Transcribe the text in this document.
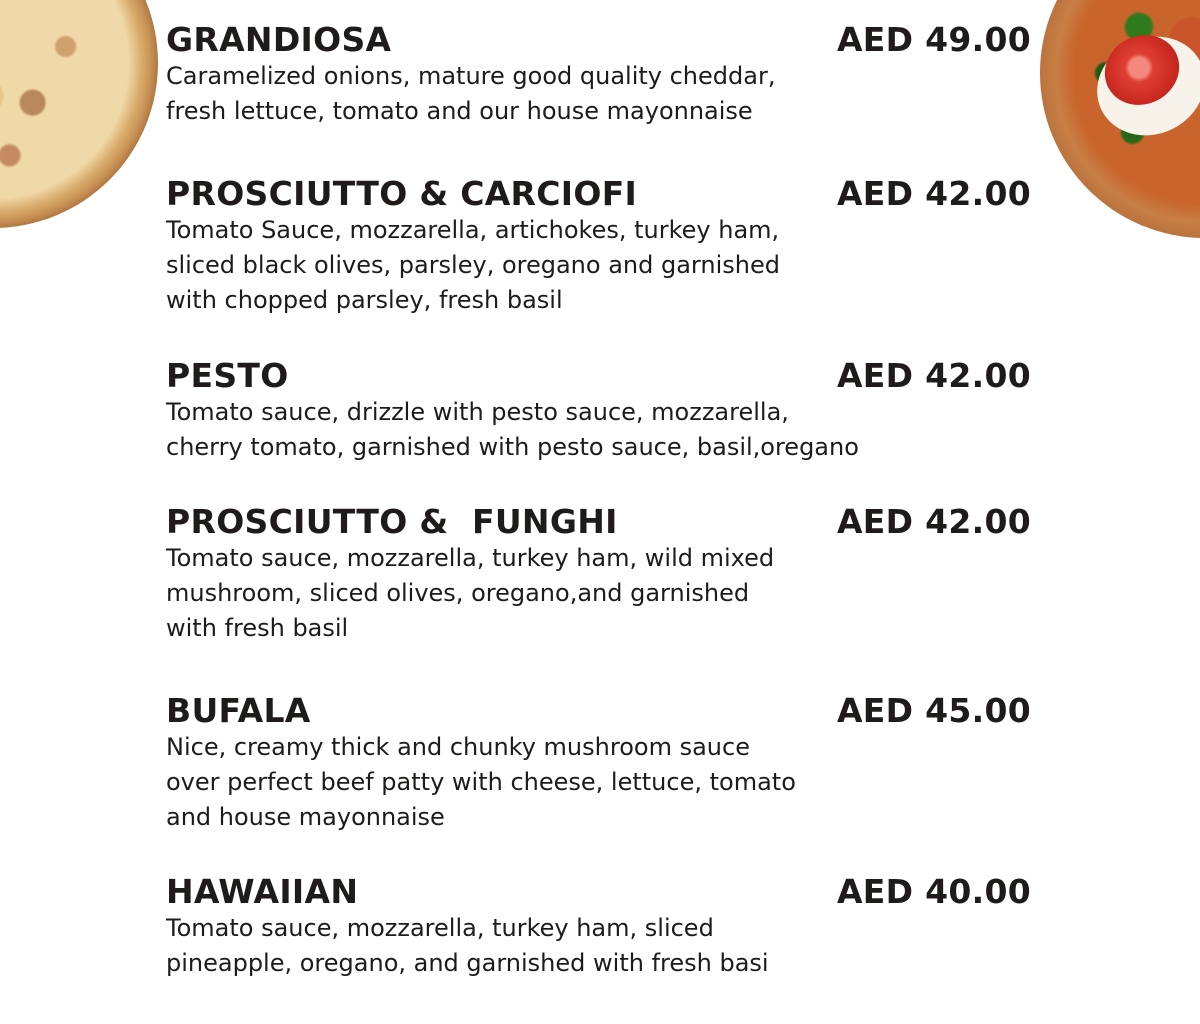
GRANDIOSA	AED 49.00
Caramelized onions, mature good quality cheddar,
fresh lettuce, tomato and our house mayonnaise
PROSCIUTTO & CARCIOFI	AED 42.00
Tomato Sauce, mozzarella, artichokes, turkey ham,
sliced black olives, parsley, oregano and garnished
with chopped parsley, fresh basil
PESTO	AED 42.00
Tomato sauce, drizzle with pesto sauce, mozzarella,
cherry tomato, garnished with pesto sauce, basil,oregano
PROSCIUTTO &  FUNGHI	AED 42.00
Tomato sauce, mozzarella, turkey ham, wild mixed
mushroom, sliced olives, oregano,and garnished
with fresh basil
BUFALA	AED 45.00
Nice, creamy thick and chunky mushroom sauce
over perfect beef patty with cheese, lettuce, tomato
and house mayonnaise
HAWAIIAN	AED 40.00
Tomato sauce, mozzarella, turkey ham, sliced
pineapple, oregano, and garnished with fresh basi
